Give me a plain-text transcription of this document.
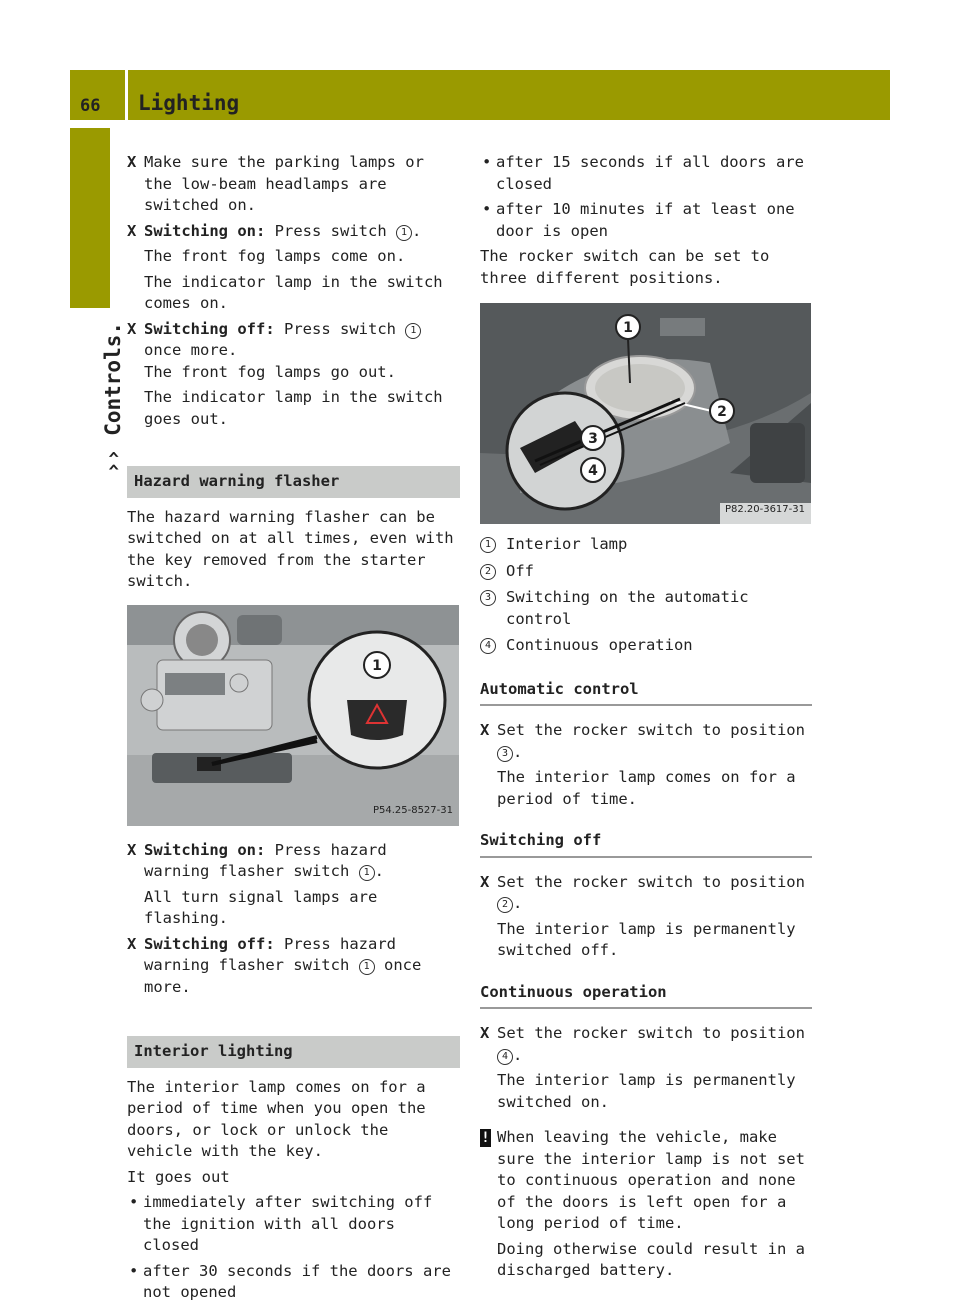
66 Lighting
›› Controls.
X Make sure the parking lamps or the low-beam headlamps are switched on.
X Switching on: Press switch 1 .
The front fog lamps come on.
The indicator lamp in the switch comes on.
X Switching off: Press switch 1 once more.
The front fog lamps go out.
The indicator lamp in the switch goes out.
Hazard warning flasher

The hazard warning flasher can be switched on at all times, even with the key removed from the starter switch.

1
P54.25-8527-31
X Switching on: Press hazard warning flasher switch 1 .
All turn signal lamps are flashing.
X Switching off: Press hazard warning flasher switch 1 once more.
Interior lighting

The interior lamp comes on for a period of time when you open the doors, or lock or unlock the vehicle with the key.

It goes out

• immediately after switching off the ignition with all doors closed
• after 30 seconds if the doors are not opened
• after 15 seconds if all doors are closed
• after 10 minutes if at least one door is open

The rocker switch can be set to three different positions.

1
2
3
4
P82.20-3617-31
1 Interior lamp
2 Off
3 Switching on the automatic control
4 Continuous operation
Automatic control
X Set the rocker switch to position 3 .
The interior lamp comes on for a period of time.
Switching off
X Set the rocker switch to position 2 .
The interior lamp is permanently switched off.
Continuous operation
X Set the rocker switch to position 4 .
The interior lamp is permanently switched on.
! When leaving the vehicle, make sure the interior lamp is not set to continuous operation and none of the doors is left open for a long period of time.
Doing otherwise could result in a discharged battery.
